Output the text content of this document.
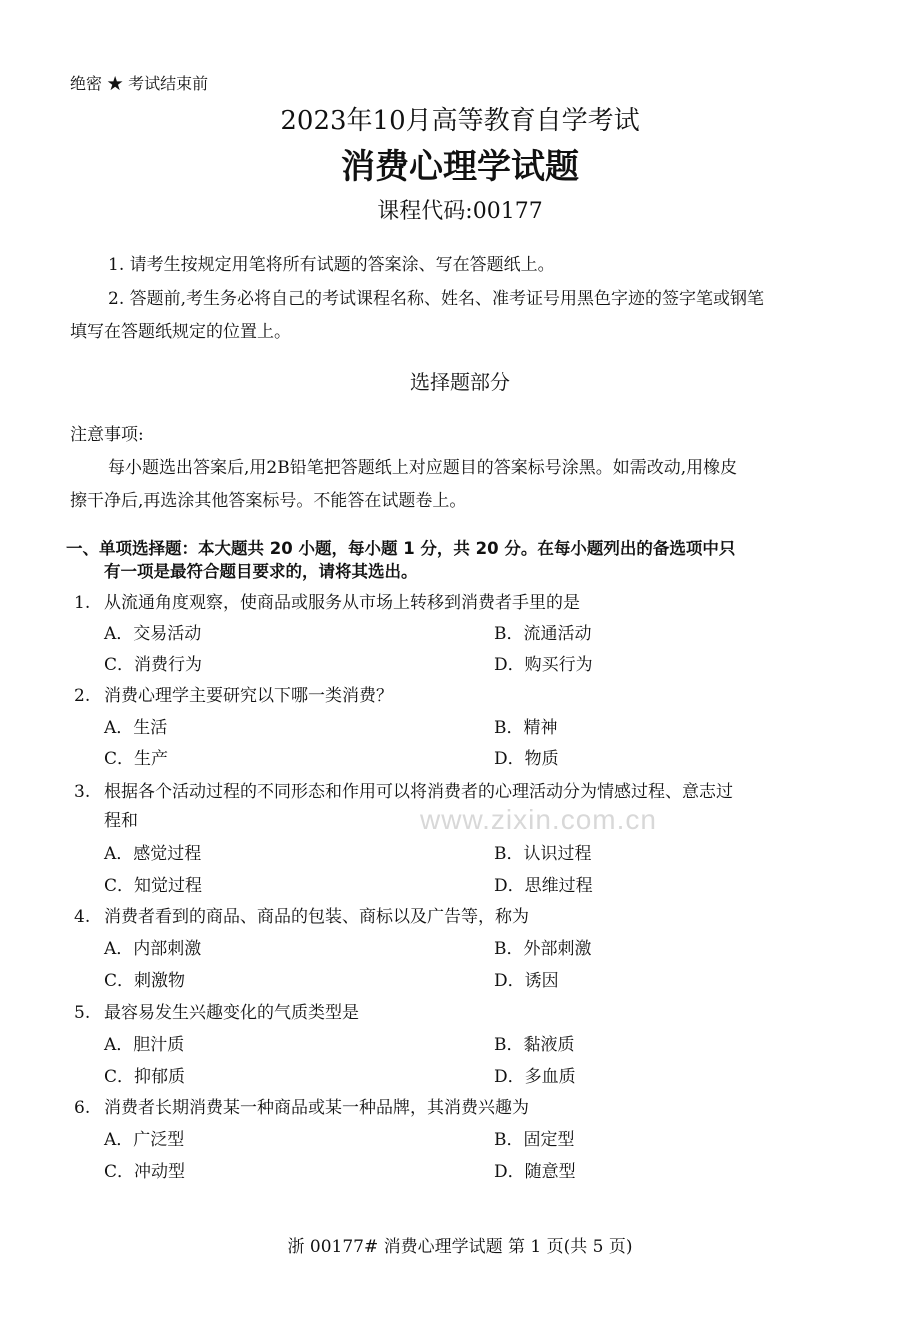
绝密 ★ 考试结束前
2023年10月高等教育自学考试
消费心理学试题
课程代码:00177
1. 请考生按规定用笔将所有试题的答案涂、写在答题纸上。
2. 答题前,考生务必将自己的考试课程名称、姓名、准考证号用黑色字迹的签字笔或钢笔
填写在答题纸规定的位置上。
选择题部分
注意事项:
每小题选出答案后,用2B铅笔把答题纸上对应题目的答案标号涂黑。如需改动,用橡皮
擦干净后,再选涂其他答案标号。不能答在试题卷上。
一、单项选择题：本大题共 20 小题，每小题 1 分，共 20 分。在每小题列出的备选项中只
有一项是最符合题目要求的，请将其选出。
www.zixin.com.cn
1. 从流通角度观察，使商品或服务从市场上转移到消费者手里的是
A．交易活动	B．流通活动
C．消费行为	D．购买行为
2. 消费心理学主要研究以下哪一类消费？
A．生活	B．精神
C．生产	D．物质
3. 根据各个活动过程的不同形态和作用可以将消费者的心理活动分为情感过程、意志过
程和
A．感觉过程	B．认识过程
C．知觉过程	D．思维过程
4. 消费者看到的商品、商品的包装、商标以及广告等，称为
A．内部刺激	B．外部刺激
C．刺激物	D．诱因
5. 最容易发生兴趣变化的气质类型是
A．胆汁质	B．黏液质
C．抑郁质	D．多血质
6. 消费者长期消费某一种商品或某一种品牌，其消费兴趣为
A．广泛型	B．固定型
C．冲动型	D．随意型
浙 00177# 消费心理学试题 第 1 页(共 5 页)
